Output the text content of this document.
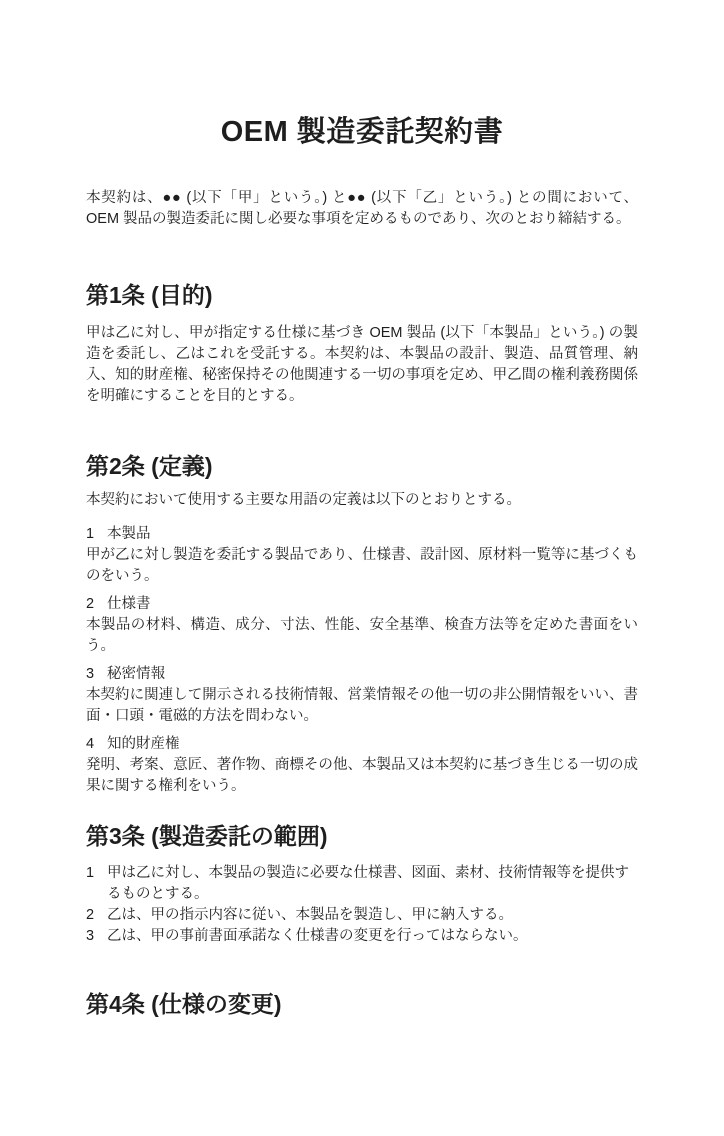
OEM 製造委託契約書

本契約は、●● (以下「甲」という。) と●● (以下「乙」という。) との間において、OEM 製品の製造委託に関し必要な事項を定めるものであり、次のとおり締結する。

第1条 (目的)

甲は乙に対し、甲が指定する仕様に基づき OEM 製品 (以下「本製品」という。) の製造を委託し、乙はこれを受託する。本契約は、本製品の設計、製造、品質管理、納入、知的財産権、秘密保持その他関連する一切の事項を定め、甲乙間の権利義務関係を明確にすることを目的とする。

第2条 (定義)

本契約において使用する主要な用語の定義は以下のとおりとする。

1 本製品

甲が乙に対し製造を委託する製品であり、仕様書、設計図、原材料一覧等に基づくものをいう。

2 仕様書

本製品の材料、構造、成分、寸法、性能、安全基準、検査方法等を定めた書面をいう。

3 秘密情報

本契約に関連して開示される技術情報、営業情報その他一切の非公開情報をいい、書面・口頭・電磁的方法を問わない。

4 知的財産権

発明、考案、意匠、著作物、商標その他、本製品又は本契約に基づき生じる一切の成果に関する権利をいう。

第3条 (製造委託の範囲)
1 甲は乙に対し、本製品の製造に必要な仕様書、図面、素材、技術情報等を提供するものとする。
2 乙は、甲の指示内容に従い、本製品を製造し、甲に納入する。
3 乙は、甲の事前書面承諾なく仕様書の変更を行ってはならない。
第4条 (仕様の変更)
